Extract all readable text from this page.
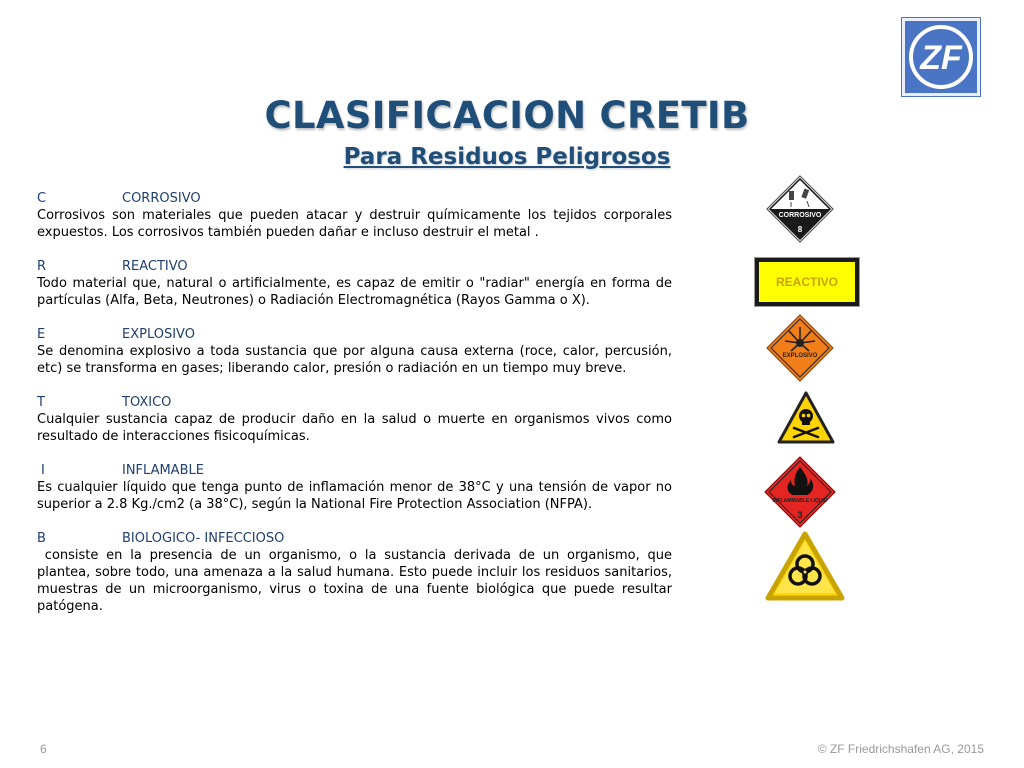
ZF
CLASIFICACION CRETIB
Para Residuos Peligrosos
C	CORROSIVO
Corrosivos son materiales que pueden atacar y destruir químicamente los tejidos corporales expuestos. Los corrosivos también pueden dañar e incluso destruir el metal .
R	REACTIVO
Todo material que, natural o artificialmente, es capaz de emitir o "radiar" energía en forma de partículas (Alfa, Beta, Neutrones) o Radiación Electromagnética (Rayos Gamma o X).
E	EXPLOSIVO
Se denomina explosivo a toda sustancia que por alguna causa externa (roce, calor, percusión, etc) se transforma en gases; liberando calor, presión o radiación en un tiempo muy breve.
T	TOXICO
Cualquier sustancia capaz de producir daño en la salud o muerte en organismos vivos como resultado de interacciones fisicoquímicas.
I	INFLAMABLE
Es cualquier líquido que tenga punto de inflamación menor de 38°C y una tensión de vapor no superior a 2.8 Kg./cm2 (a 38°C), según la National Fire Protection Association (NFPA).
B	BIOLOGICO- INFECCIOSO
consiste en la presencia de un organismo, o la sustancia derivada de un organismo, que plantea, sobre todo, una amenaza a la salud humana. Esto puede incluir los residuos sanitarios, muestras de un microorganismo, virus o toxina de una fuente biológica que puede resultar patógena.
CORROSIVO
8
REACTIVO
EXPLOSIVO
INFLAMMABLE LIQUID
3
6	© ZF Friedrichshafen AG, 2015
